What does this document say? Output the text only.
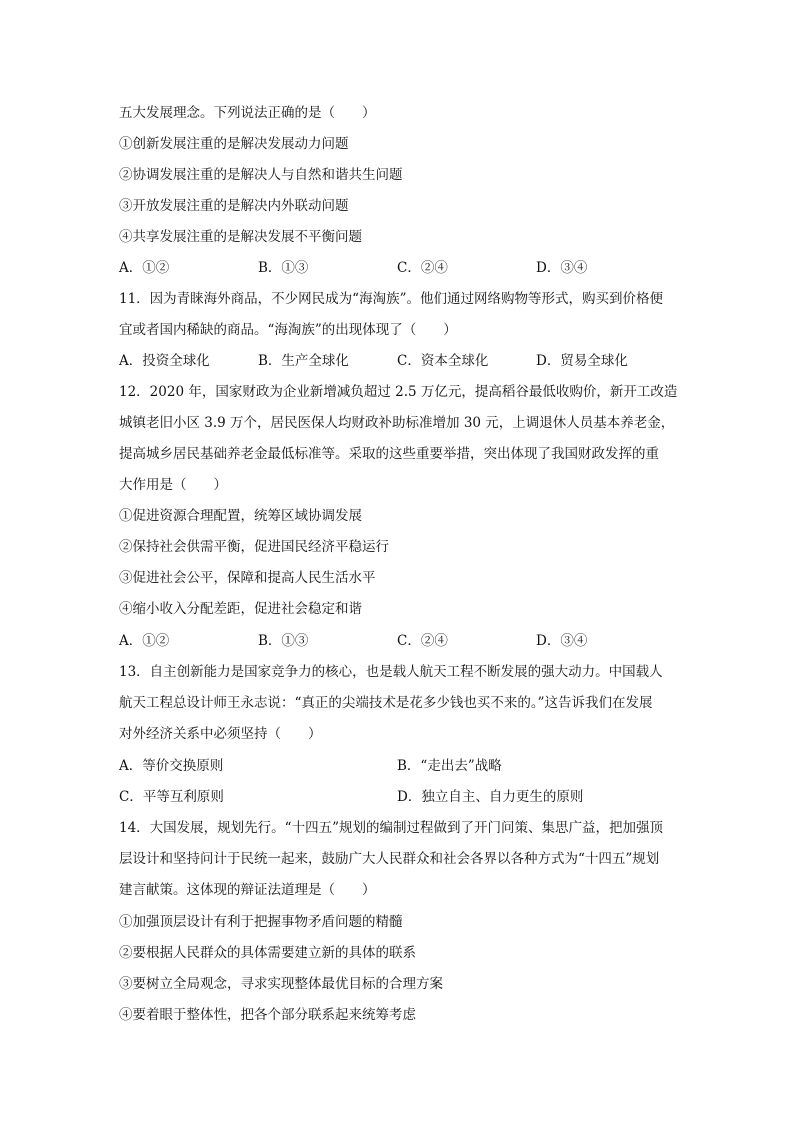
五大发展理念。下列说法正确的是（　　）
①创新发展注重的是解决发展动力问题
②协调发展注重的是解决人与自然和谐共生问题
③开放发展注重的是解决内外联动问题
④共享发展注重的是解决发展不平衡问题
A．①②	B．①③	C．②④	D．③④
11．因为青睐海外商品，不少网民成为“海淘族”。他们通过网络购物等形式，购买到价格便
宜或者国内稀缺的商品。“海淘族”的出现体现了（　　）
A．投资全球化	B．生产全球化	C．资本全球化	D．贸易全球化
12．2020 年，国家财政为企业新增减负超过 2.5 万亿元，提高稻谷最低收购价，新开工改造
城镇老旧小区 3.9 万个，居民医保人均财政补助标准增加 30 元，上调退休人员基本养老金，
提高城乡居民基础养老金最低标准等。采取的这些重要举措，突出体现了我国财政发挥的重
大作用是（　　）
①促进资源合理配置，统筹区域协调发展
②保持社会供需平衡，促进国民经济平稳运行
③促进社会公平，保障和提高人民生活水平
④缩小收入分配差距，促进社会稳定和谐
A．①②	B．①③	C．②④	D．③④
13．自主创新能力是国家竞争力的核心，也是载人航天工程不断发展的强大动力。中国载人
航天工程总设计师王永志说：“真正的尖端技术是花多少钱也买不来的。”这告诉我们在发展
对外经济关系中必须坚持（　　）
A．等价交换原则	B．“走出去”战略
C．平等互利原则	D．独立自主、自力更生的原则
14．大国发展，规划先行。“十四五”规划的编制过程做到了开门问策、集思广益，把加强顶
层设计和坚持问计于民统一起来，鼓励广大人民群众和社会各界以各种方式为“十四五”规划
建言献策。这体现的辩证法道理是（　　）
①加强顶层设计有利于把握事物矛盾问题的精髓
②要根据人民群众的具体需要建立新的具体的联系
③要树立全局观念，寻求实现整体最优目标的合理方案
④要着眼于整体性，把各个部分联系起来统筹考虑
